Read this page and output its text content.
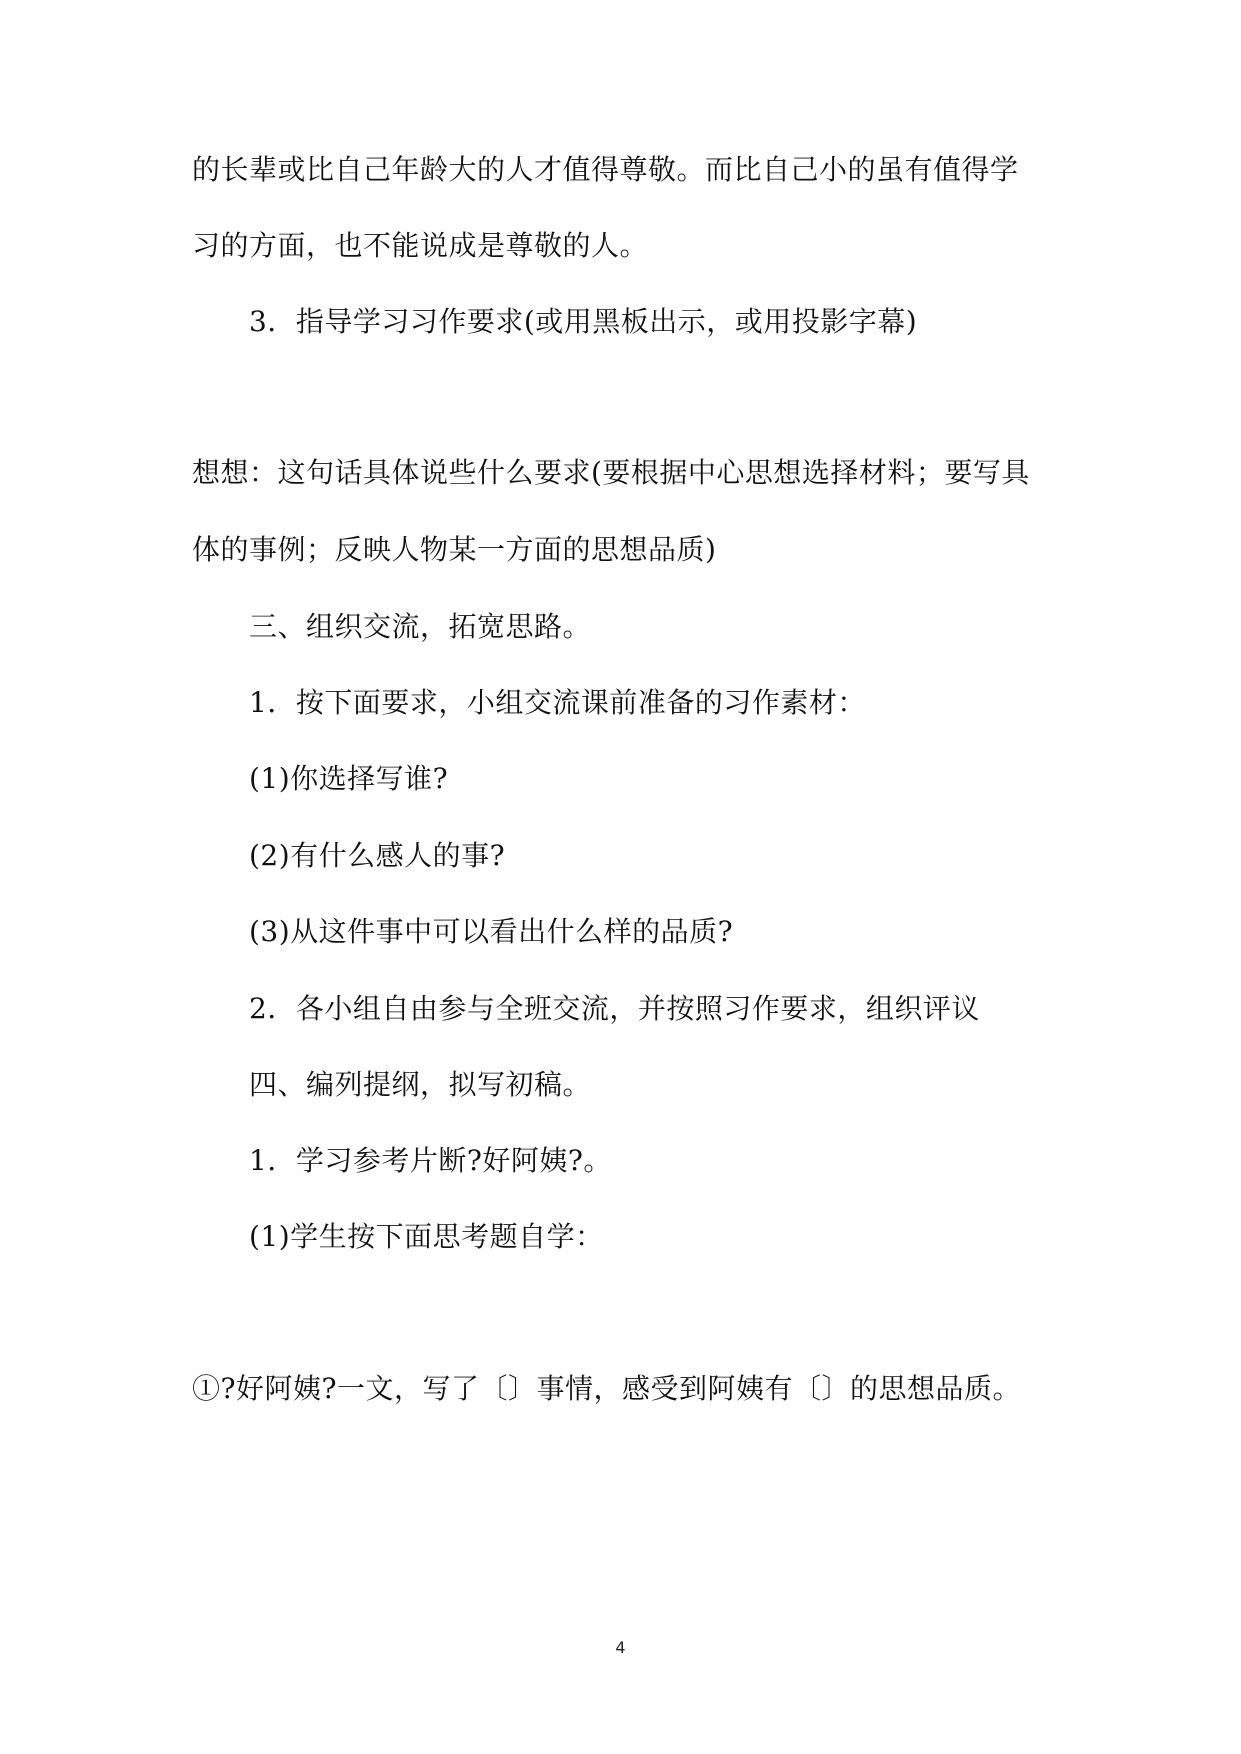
的长辈或比自己年龄大的人才值得尊敬。而比自己小的虽有值得学
习的方面，也不能说成是尊敬的人。
3．指导学习习作要求(或用黑板出示，或用投影字幕)
想想：这句话具体说些什么要求(要根据中心思想选择材料；要写具
体的事例；反映人物某一方面的思想品质)
三、组织交流，拓宽思路。
1．按下面要求，小组交流课前准备的习作素材：
(1)你选择写谁?
(2)有什么感人的事?
(3)从这件事中可以看出什么样的品质?
2．各小组自由参与全班交流，并按照习作要求，组织评议
四、编列提纲，拟写初稿。
1．学习参考片断?好阿姨?。
(1)学生按下面思考题自学：
①?好阿姨?一文，写了〔〕事情，感受到阿姨有〔〕的思想品质。
4
